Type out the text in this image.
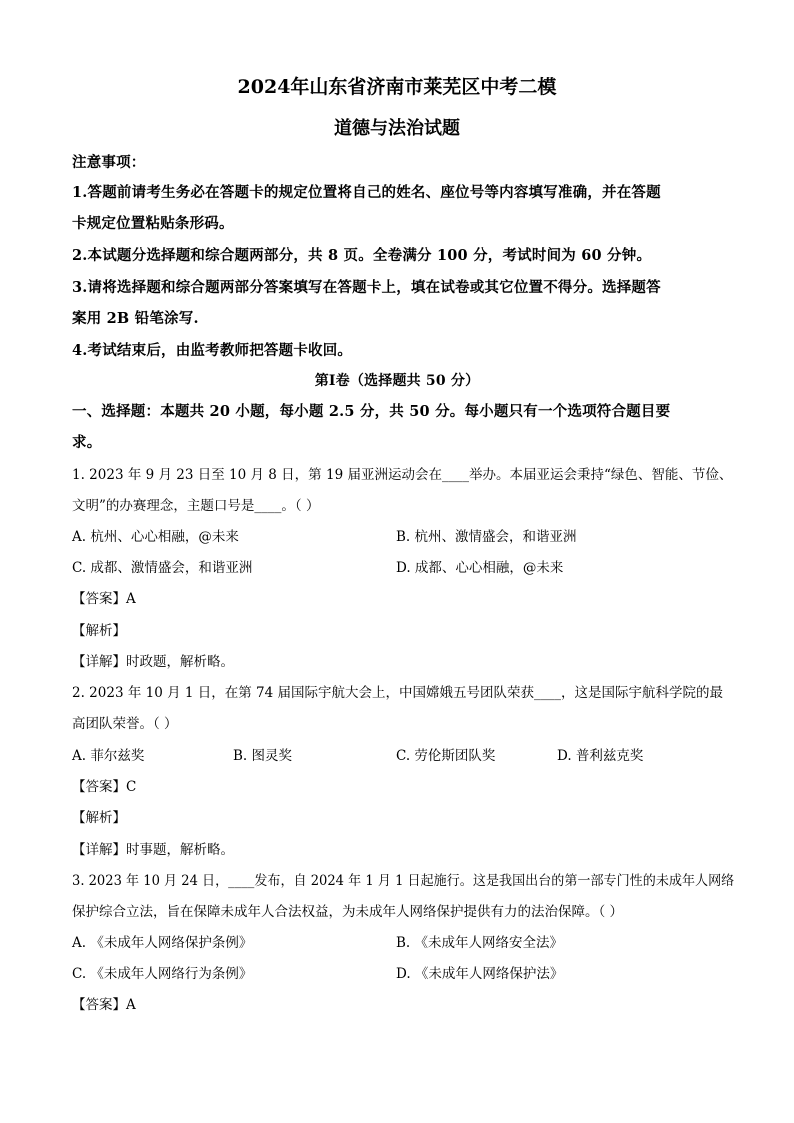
2024年山东省济南市莱芜区中考二模
道德与法治试题
注意事项：
1.答题前请考生务必在答题卡的规定位置将自己的姓名、座位号等内容填写准确，并在答题
卡规定位置粘贴条形码。
2.本试题分选择题和综合题两部分，共 8 页。全卷满分 100 分，考试时间为 60 分钟。
3.请将选择题和综合题两部分答案填写在答题卡上，填在试卷或其它位置不得分。选择题答
案用 2B 铅笔涂写.
4.考试结束后，由监考教师把答题卡收回。
第Ⅰ卷（选择题共 50 分）
一、选择题：本题共 20 小题，每小题 2.5 分，共 50 分。每小题只有一个选项符合题目要
求。
1. 2023 年 9 月 23 日至 10 月 8 日，第 19 届亚洲运动会在____举办。本届亚运会秉持“绿色、智能、节俭、
文明”的办赛理念，主题口号是____。（ ）
A. 杭州、心心相融，@未来	B. 杭州、激情盛会，和谐亚洲
C. 成都、激情盛会，和谐亚洲	D. 成都、心心相融，@未来
【答案】A
【解析】
【详解】时政题，解析略。
2. 2023 年 10 月 1 日，在第 74 届国际宇航大会上，中国嫦娥五号团队荣获____，这是国际宇航科学院的最
高团队荣誉。（ ）
A. 菲尔兹奖	B. 图灵奖	C. 劳伦斯团队奖	D. 普利兹克奖
【答案】C
【解析】
【详解】时事题，解析略。
3. 2023 年 10 月 24 日，____发布，自 2024 年 1 月 1 日起施行。这是我国出台的第一部专门性的未成年人网络
保护综合立法，旨在保障未成年人合法权益，为未成年人网络保护提供有力的法治保障。（ ）
A. 《未成年人网络保护条例》	B. 《未成年人网络安全法》
C. 《未成年人网络行为条例》	D. 《未成年人网络保护法》
【答案】A
